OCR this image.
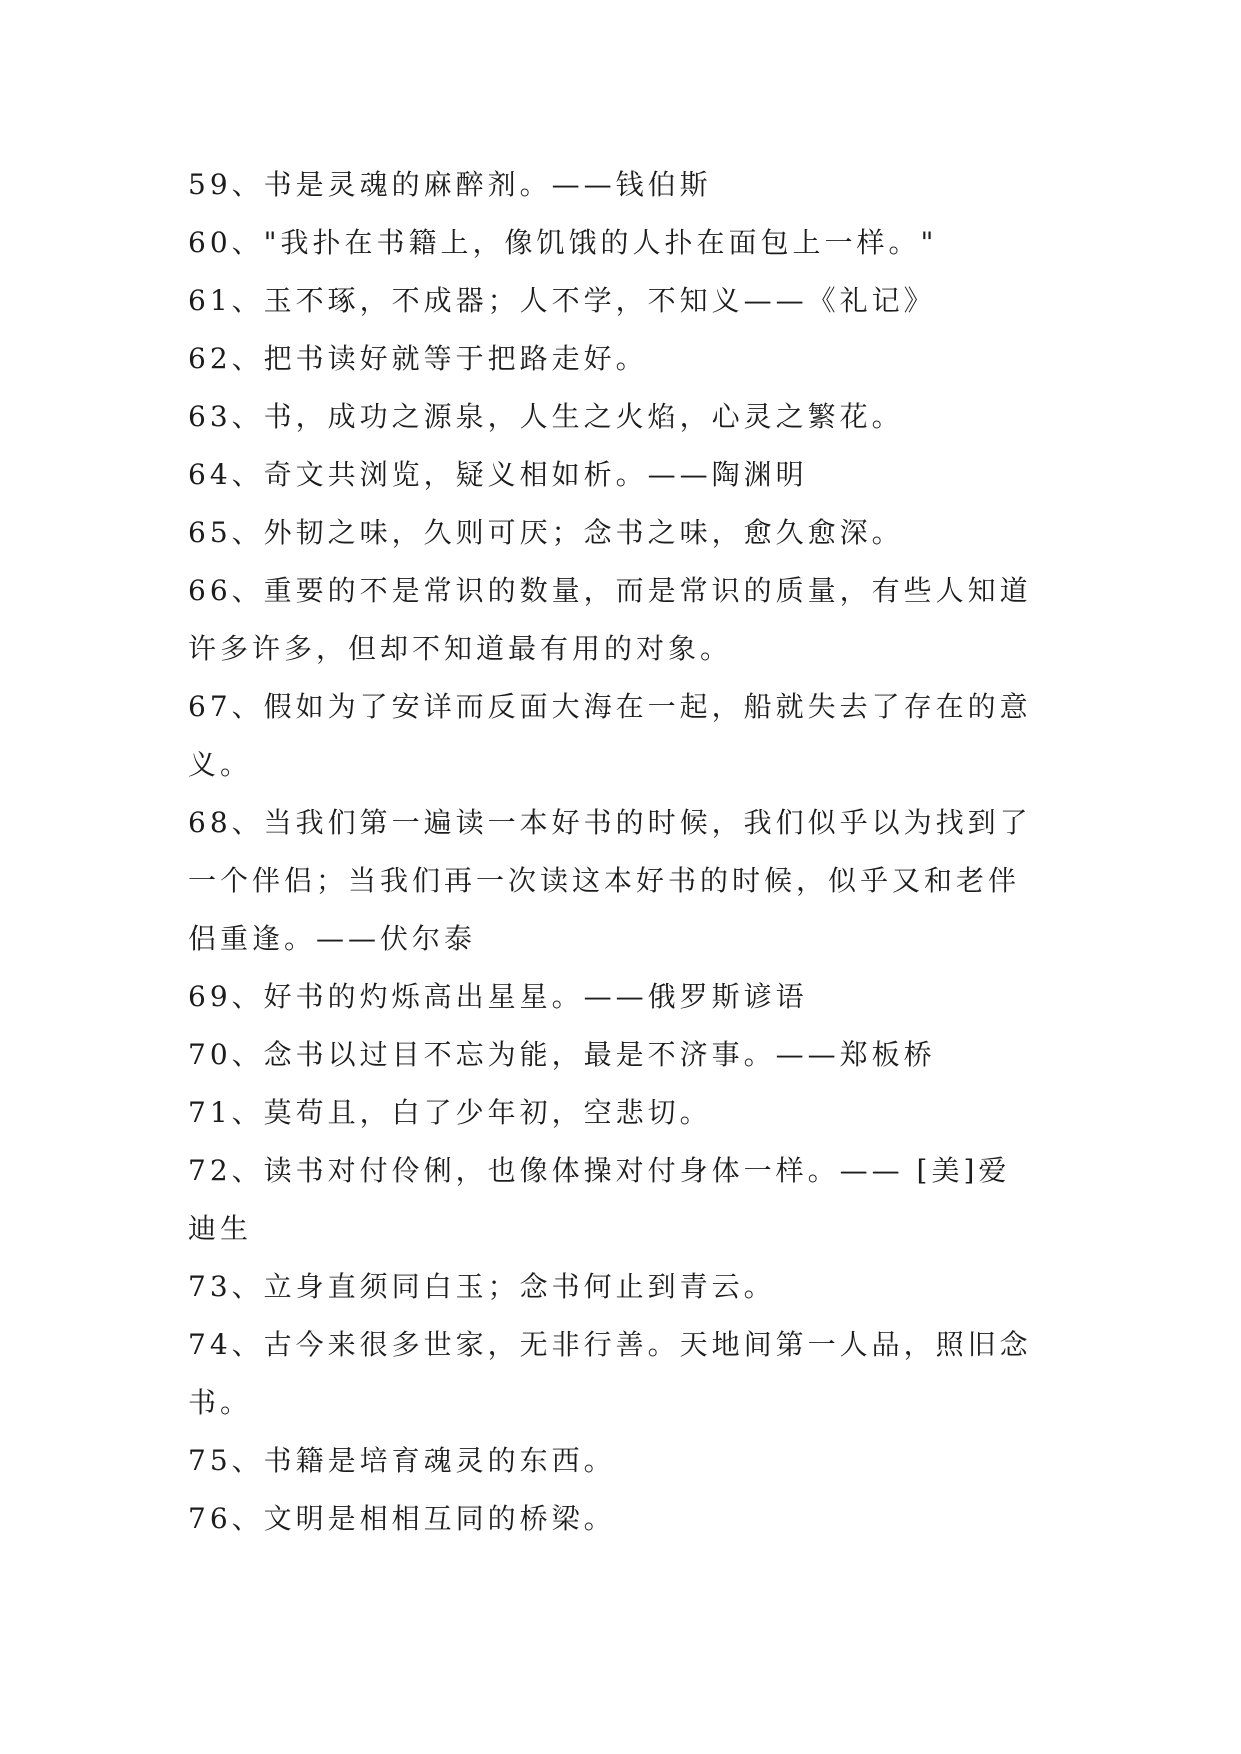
59、书是灵魂的麻醉剂。——钱伯斯
60、"我扑在书籍上，像饥饿的人扑在面包上一样。"
61、玉不琢，不成器；人不学，不知义——《礼记》
62、把书读好就等于把路走好。
63、书，成功之源泉，人生之火焰，心灵之繁花。
64、奇文共浏览，疑义相如析。——陶渊明
65、外韧之味，久则可厌；念书之味，愈久愈深。
66、重要的不是常识的数量，而是常识的质量，有些人知道
许多许多，但却不知道最有用的对象。
67、假如为了安详而反面大海在一起，船就失去了存在的意
义。
68、当我们第一遍读一本好书的时候，我们似乎以为找到了
一个伴侣；当我们再一次读这本好书的时候，似乎又和老伴
侣重逢。——伏尔泰
69、好书的灼烁高出星星。——俄罗斯谚语
70、念书以过目不忘为能，最是不济事。——郑板桥
71、莫苟且，白了少年初，空悲切。
72、读书对付伶俐，也像体操对付身体一样。—— [美]爱
迪生
73、立身直须同白玉；念书何止到青云。
74、古今来很多世家，无非行善。天地间第一人品，照旧念
书。
75、书籍是培育魂灵的东西。
76、文明是相相互同的桥梁。
